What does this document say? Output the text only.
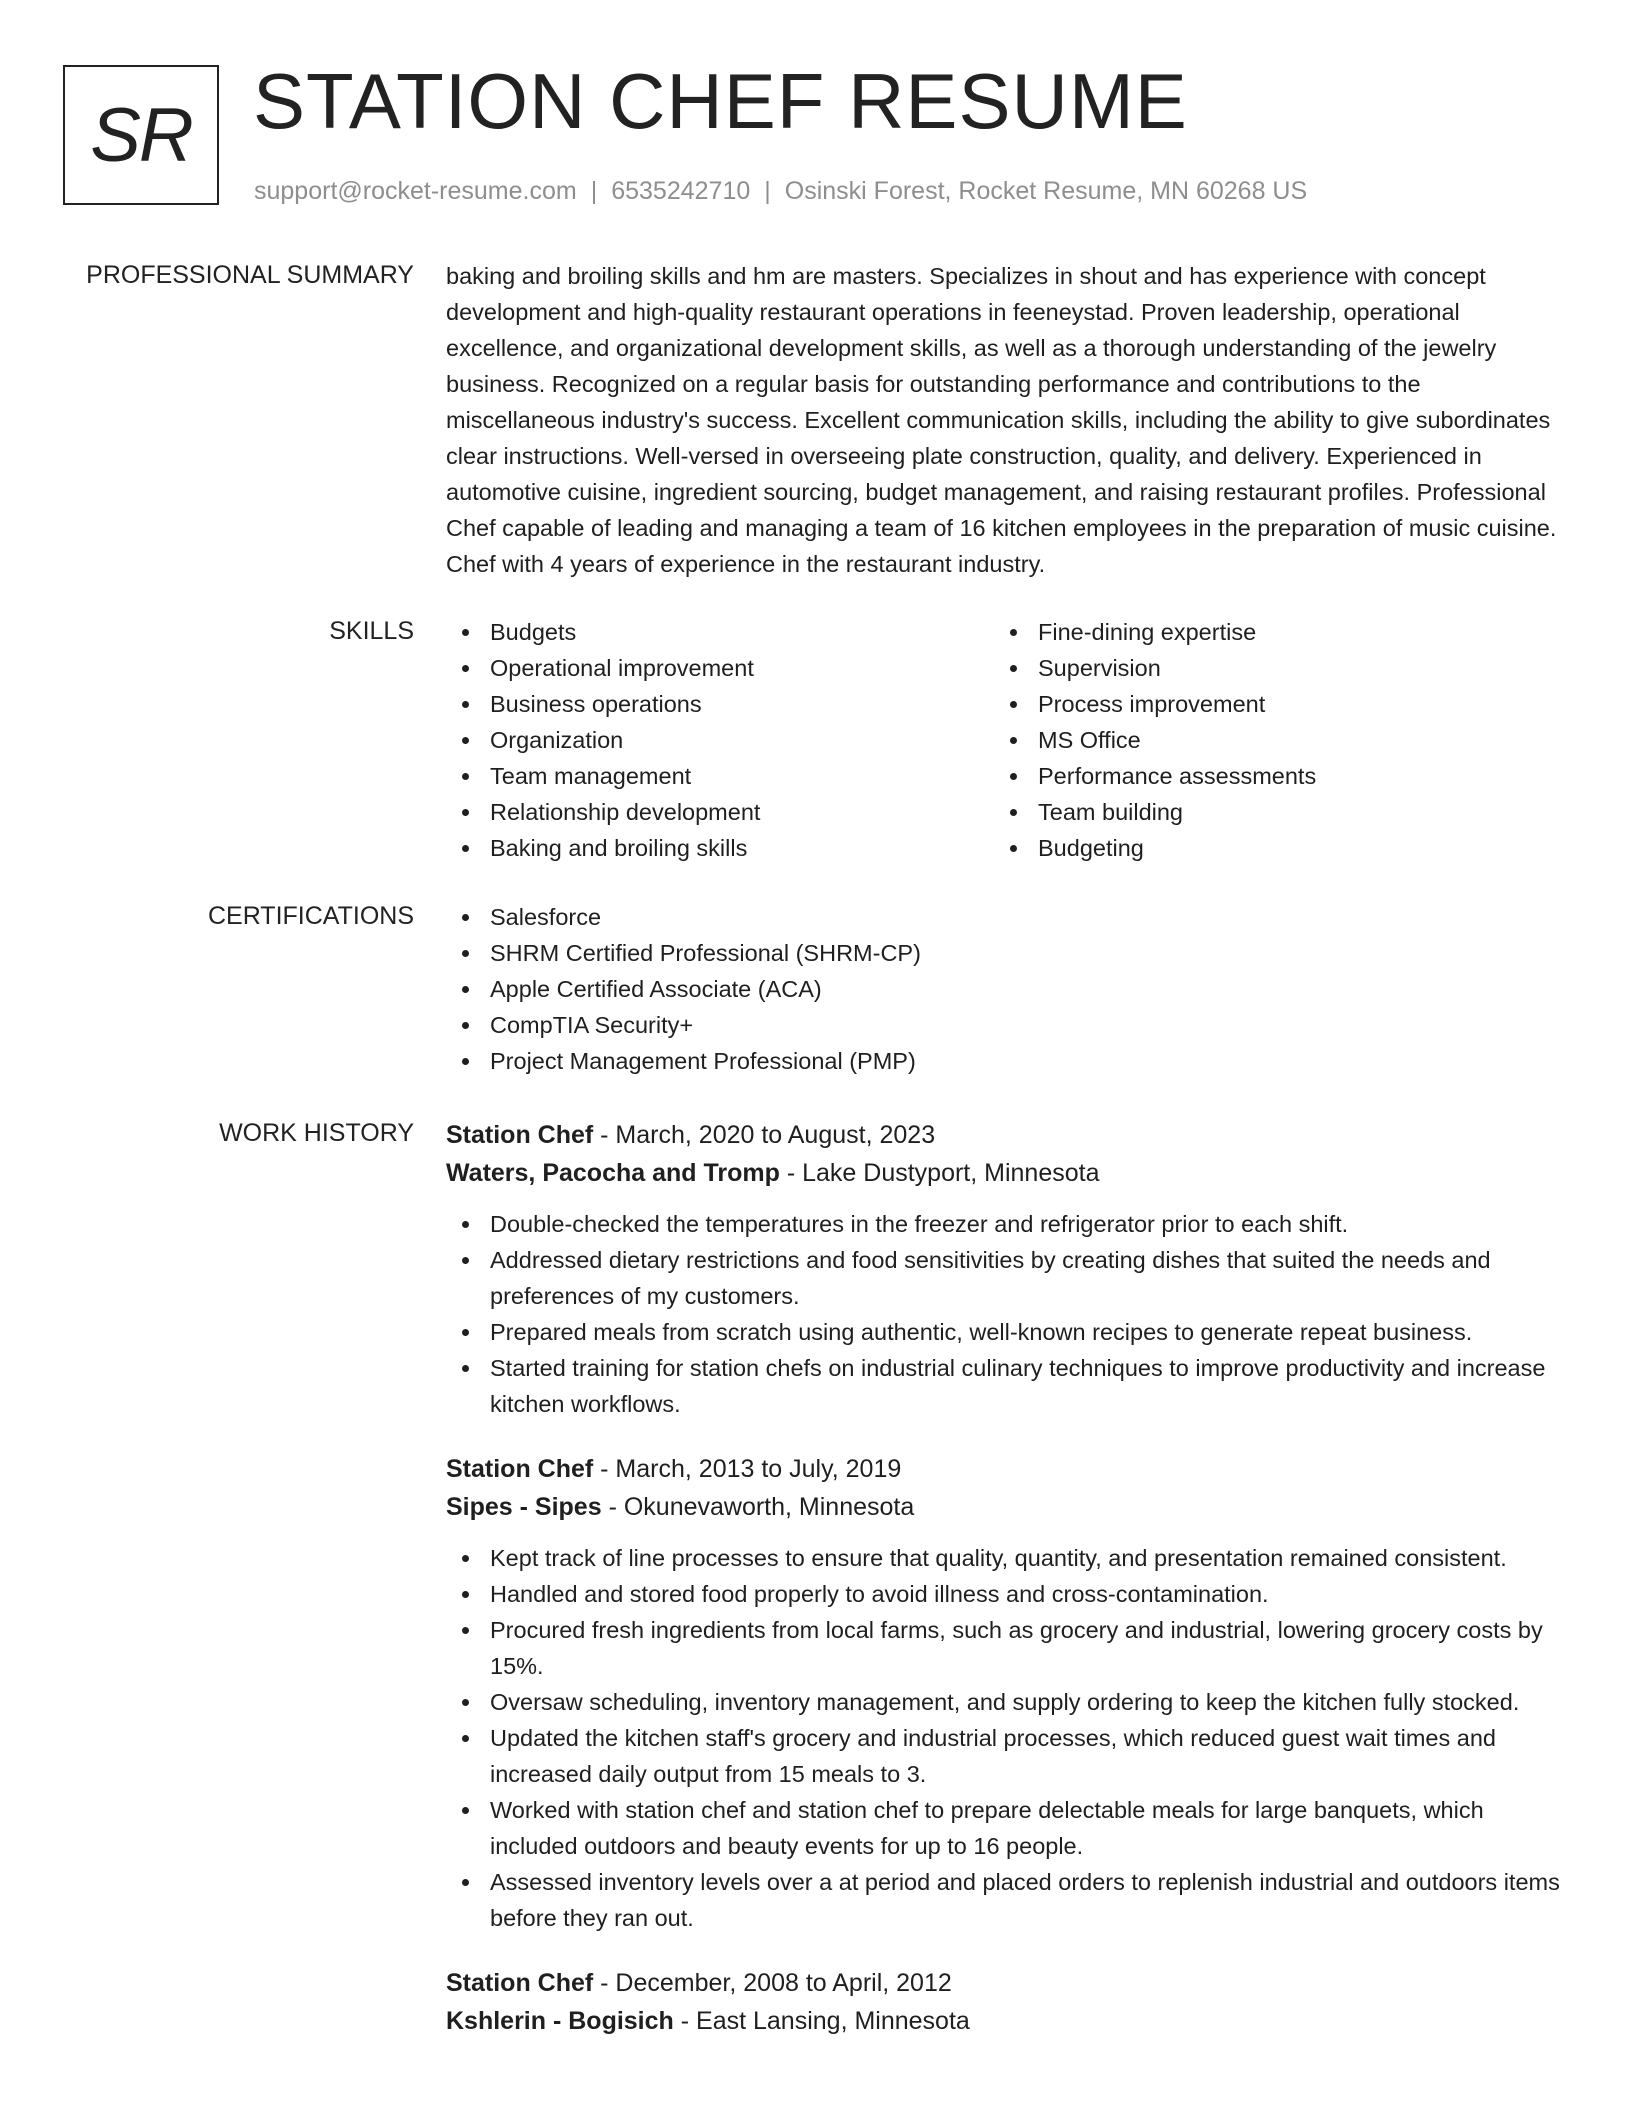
SR STATION CHEF RESUME
support@rocket-resume.com | 6535242710 | Osinski Forest, Rocket Resume, MN 60268 US
PROFESSIONAL SUMMARY baking and broiling skills and hm are masters. Specializes in shout and has experience with concept development and high-quality restaurant operations in feeneystad. Proven leadership, operational excellence, and organizational development skills, as well as a thorough understanding of the jewelry business. Recognized on a regular basis for outstanding performance and contributions to the miscellaneous industry's success. Excellent communication skills, including the ability to give subordinates clear instructions. Well-versed in overseeing plate construction, quality, and delivery. Experienced in automotive cuisine, ingredient sourcing, budget management, and raising restaurant profiles. Professional Chef capable of leading and managing a team of 16 kitchen employees in the preparation of music cuisine. Chef with 4 years of experience in the restaurant industry.
SKILLS	Budgets
Operational improvement
Business operations
Organization
Team management
Relationship development
Baking and broiling skills
Fine-dining expertise
Supervision
Process improvement
MS Office
Performance assessments
Team building
Budgeting
CERTIFICATIONS	Salesforce
SHRM Certified Professional (SHRM-CP)
Apple Certified Associate (ACA)
CompTIA Security+
Project Management Professional (PMP)
WORK HISTORY Station Chef - March, 2020 to August, 2023
Waters, Pacocha and Tromp - Lake Dustyport, Minnesota
Double-checked the temperatures in the freezer and refrigerator prior to each shift.
Addressed dietary restrictions and food sensitivities by creating dishes that suited the needs and preferences of my customers.
Prepared meals from scratch using authentic, well-known recipes to generate repeat business.
Started training for station chefs on industrial culinary techniques to improve productivity and increase kitchen workflows.
Station Chef - March, 2013 to July, 2019
Sipes - Sipes - Okunevaworth, Minnesota
Kept track of line processes to ensure that quality, quantity, and presentation remained consistent.
Handled and stored food properly to avoid illness and cross-contamination.
Procured fresh ingredients from local farms, such as grocery and industrial, lowering grocery costs by 15%.
Oversaw scheduling, inventory management, and supply ordering to keep the kitchen fully stocked.
Updated the kitchen staff's grocery and industrial processes, which reduced guest wait times and increased daily output from 15 meals to 3.
Worked with station chef and station chef to prepare delectable meals for large banquets, which included outdoors and beauty events for up to 16 people.
Assessed inventory levels over a at period and placed orders to replenish industrial and outdoors items before they ran out.
Station Chef - December, 2008 to April, 2012
Kshlerin - Bogisich - East Lansing, Minnesota
